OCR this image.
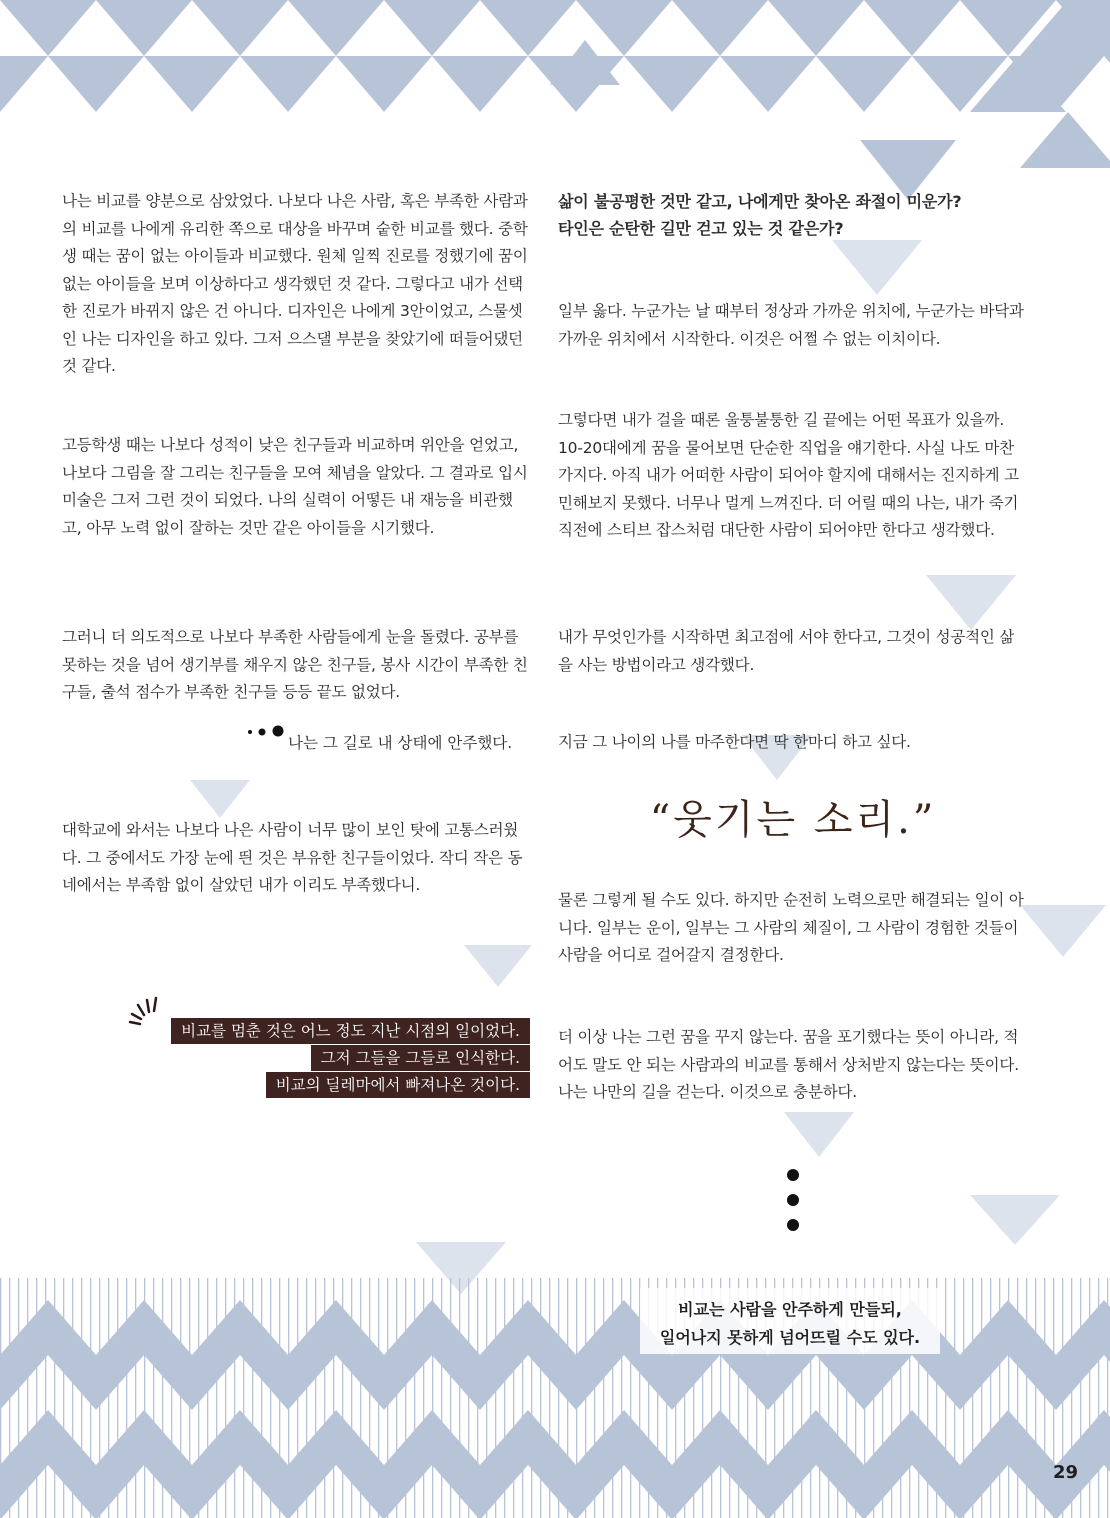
나는 비교를 양분으로 삼았었다. 나보다 나은 사람, 혹은 부족한 사람과의 비교를 나에게 유리한 쪽으로 대상을 바꾸며 숱한 비교를 했다. 중학생 때는 꿈이 없는 아이들과 비교했다. 원체 일찍 진로를 정했기에 꿈이 없는 아이들을 보며 이상하다고 생각했던 것 같다. 그렇다고 내가 선택한 진로가 바뀌지 않은 건 아니다. 디자인은 나에게 3안이었고, 스물셋인 나는 디자인을 하고 있다. 그저 으스댈 부분을 찾았기에 떠들어댔던 것 같다.

고등학생 때는 나보다 성적이 낮은 친구들과 비교하며 위안을 얻었고, 나보다 그림을 잘 그리는 친구들을 모여 체념을 알았다. 그 결과로 입시 미술은 그저 그런 것이 되었다. 나의 실력이 어떻든 내 재능을 비관했고, 아무 노력 없이 잘하는 것만 같은 아이들을 시기했다.

그러니 더 의도적으로 나보다 부족한 사람들에게 눈을 돌렸다. 공부를 못하는 것을 넘어 생기부를 채우지 않은 친구들, 봉사 시간이 부족한 친구들, 출석 점수가 부족한 친구들 등등 끝도 없었다.

나는 그 길로 내 상태에 안주했다.

대학교에 와서는 나보다 나은 사람이 너무 많이 보인 탓에 고통스러웠다. 그 중에서도 가장 눈에 띈 것은 부유한 친구들이었다. 작디 작은 동네에서는 부족함 없이 살았던 내가 이리도 부족했다니.

비교를 멈춘 것은 어느 정도 지난 시점의 일이었다.
그저 그들을 그들로 인식한다.
비교의 딜레마에서 빠져나온 것이다.

삶이 불공평한 것만 같고, 나에게만 찾아온 좌절이 미운가?

타인은 순탄한 길만 걷고 있는 것 같은가?

일부 옳다. 누군가는 날 때부터 정상과 가까운 위치에, 누군가는 바닥과 가까운 위치에서 시작한다. 이것은 어쩔 수 없는 이치이다.

그렇다면 내가 걸을 때론 울퉁불퉁한 길 끝에는 어떤 목표가 있을까. 10-20대에게 꿈을 물어보면 단순한 직업을 얘기한다. 사실 나도 마찬가지다. 아직 내가 어떠한 사람이 되어야 할지에 대해서는 진지하게 고민해보지 못했다. 너무나 멀게 느껴진다. 더 어릴 때의 나는, 내가 죽기 직전에 스티브 잡스처럼 대단한 사람이 되어야만 한다고 생각했다.

내가 무엇인가를 시작하면 최고점에 서야 한다고, 그것이 성공적인 삶을 사는 방법이라고 생각했다.

지금 그 나이의 나를 마주한다면 딱 한마디 하고 싶다.

“웃기는 소리.”

물론 그렇게 될 수도 있다. 하지만 순전히 노력으로만 해결되는 일이 아니다. 일부는 운이, 일부는 그 사람의 체질이, 그 사람이 경험한 것들이 사람을 어디로 걸어갈지 결정한다.

더 이상 나는 그런 꿈을 꾸지 않는다. 꿈을 포기했다는 뜻이 아니라, 적어도 말도 안 되는 사람과의 비교를 통해서 상처받지 않는다는 뜻이다. 나는 나만의 길을 걷는다. 이것으로 충분하다.

비교는 사람을 안주하게 만들되,
일어나지 못하게 넘어뜨릴 수도 있다.
29
